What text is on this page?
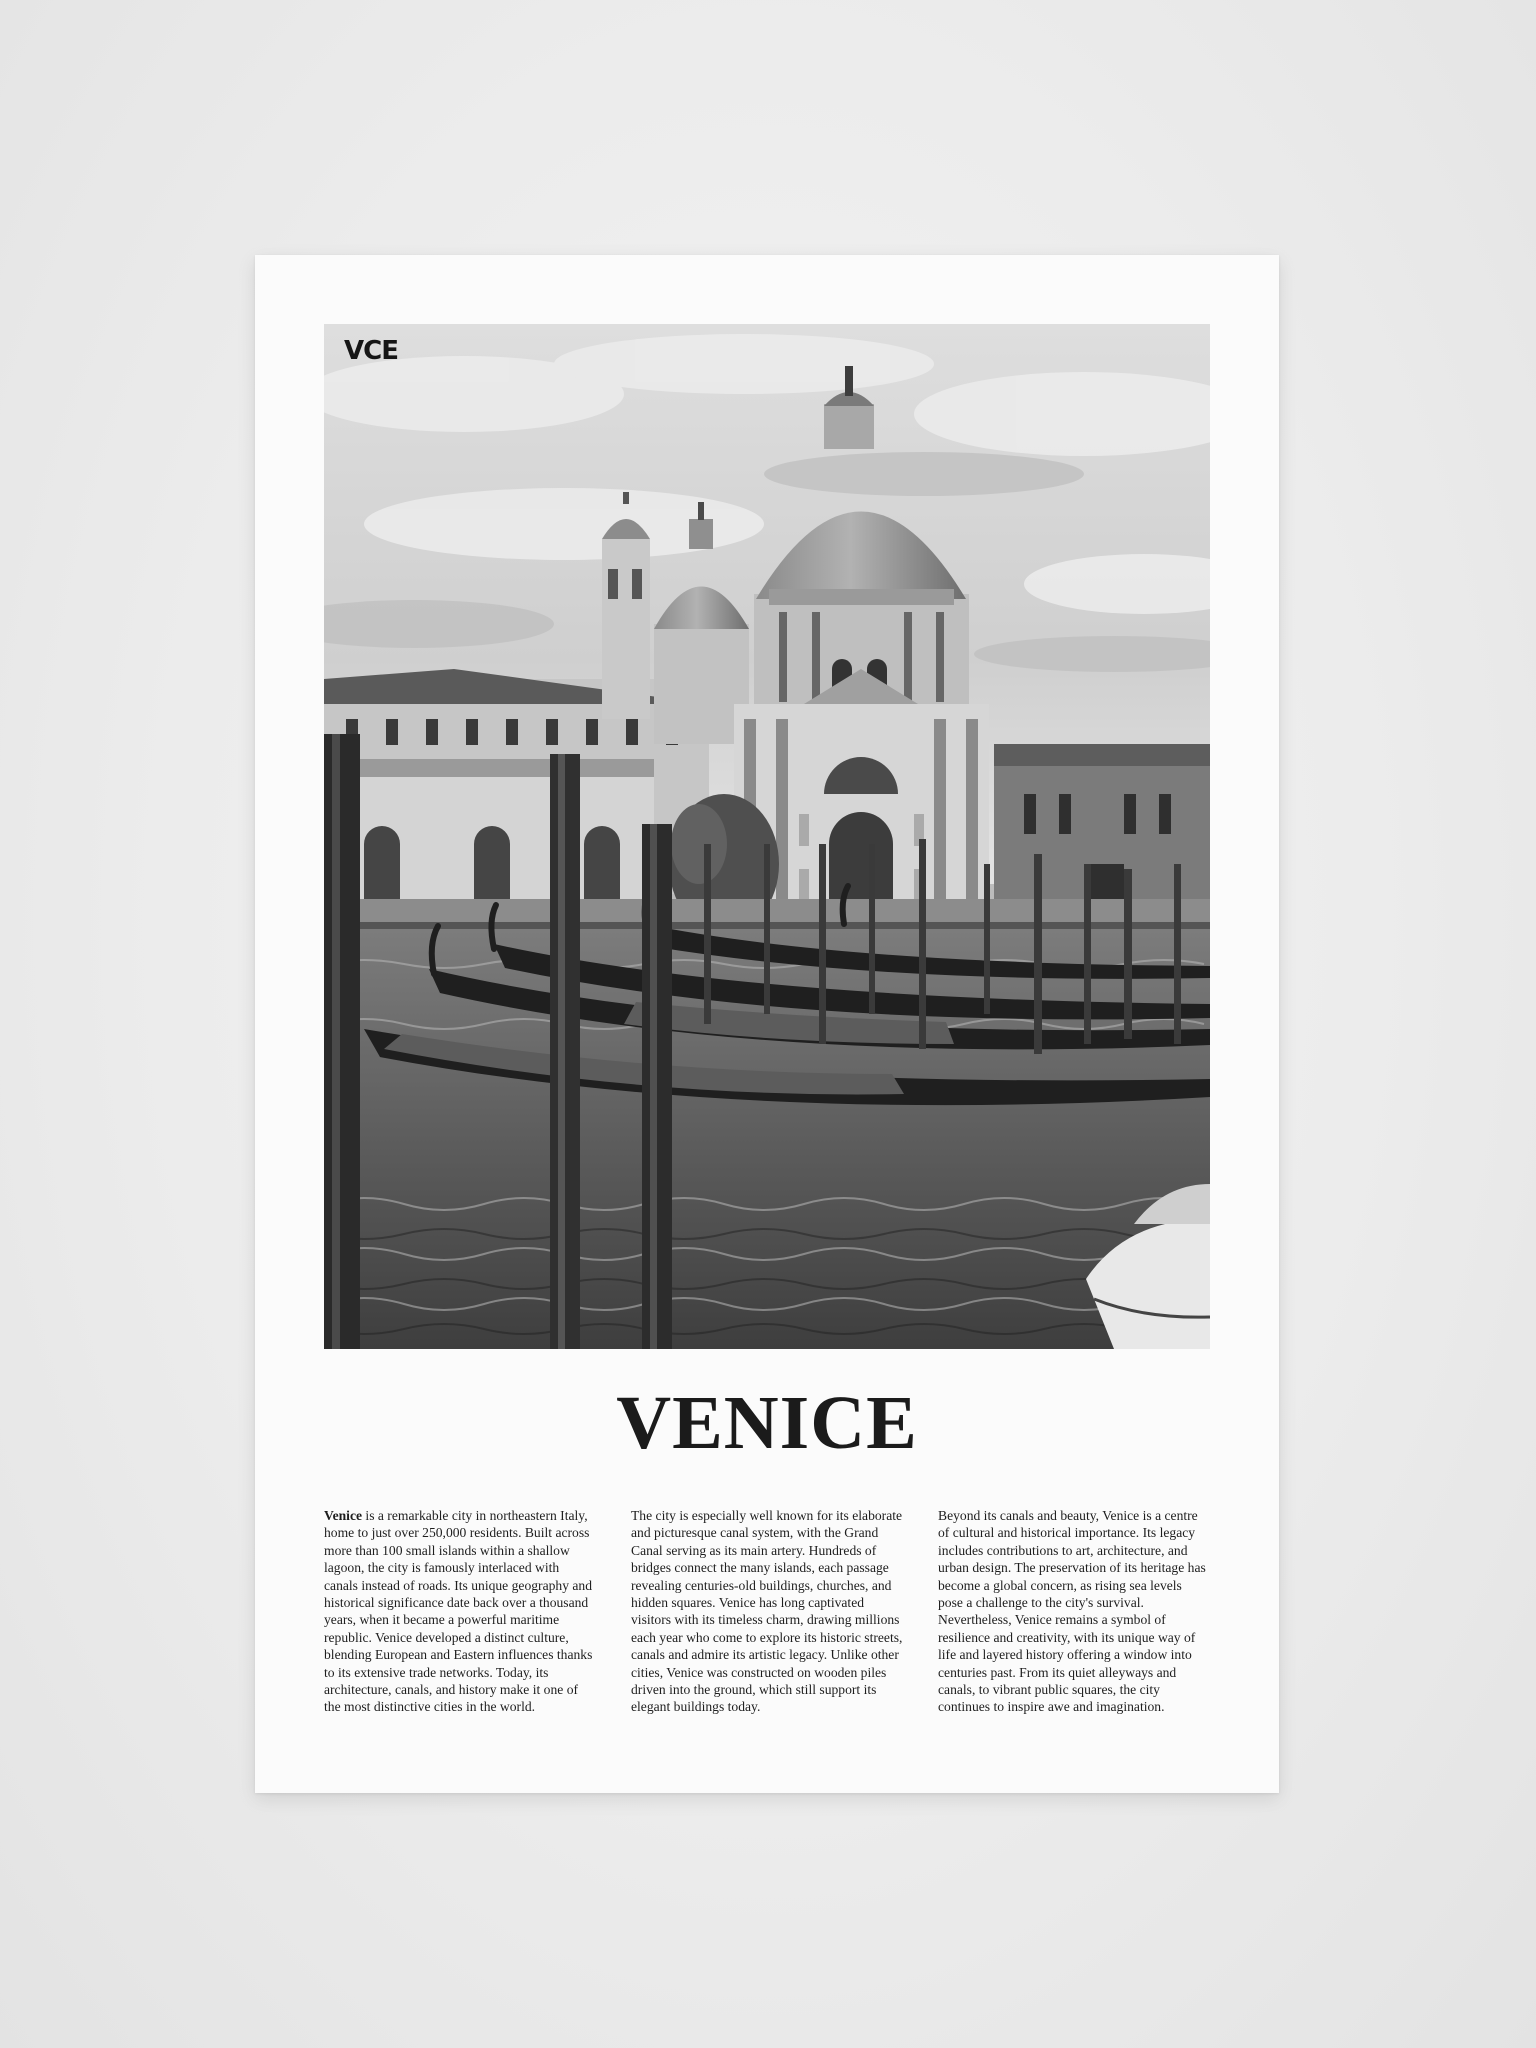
VCE
VENICE
Venice is a remarkable city in northeastern Italy, home to just over 250,000 residents. Built across more than 100 small islands within a shallow lagoon, the city is famously interlaced with canals instead of roads. Its unique geography and historical significance date back over a thousand years, when it became a powerful maritime republic. Venice developed a distinct culture, blending European and Eastern influences thanks to its extensive trade networks. Today, its architecture, canals, and history make it one of the most distinctive cities in the world.
The city is especially well known for its elaborate and picturesque canal system, with the Grand Canal serving as its main artery. Hundreds of bridges connect the many islands, each passage revealing centuries-old buildings, churches, and hidden squares. Venice has long captivated visitors with its timeless charm, drawing millions each year who come to explore its historic streets, canals and admire its artistic legacy. Unlike other cities, Venice was constructed on wooden piles driven into the ground, which still support its elegant buildings today.
Beyond its canals and beauty, Venice is a centre of cultural and historical importance. Its legacy includes contributions to art, architecture, and urban design. The preservation of its heritage has become a global concern, as rising sea levels pose a challenge to the city's survival. Nevertheless, Venice remains a symbol of resilience and creativity, with its unique way of life and layered history offering a window into centuries past. From its quiet alleyways and canals, to vibrant public squares, the city continues to inspire awe and imagination.
